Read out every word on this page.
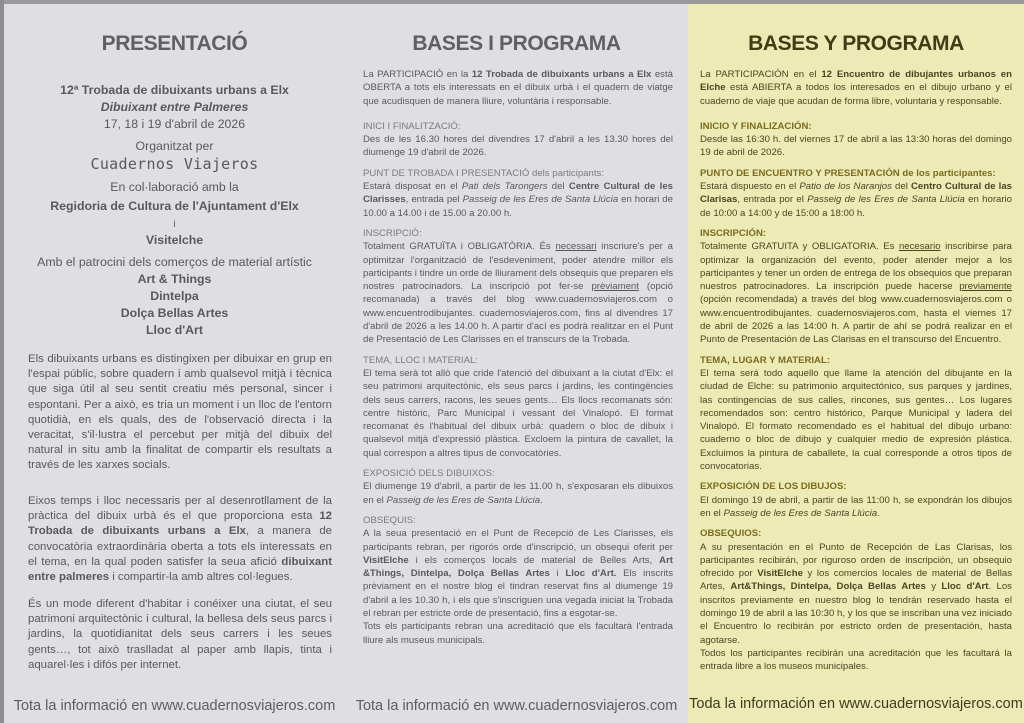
PRESENTACIÓ
12ª Trobada de dibuixants urbans a Elx
Dibuixant entre Palmeres
17, 18 i 19 d'abril de 2026
Organitzat per

Cuadernos Viajeros
En col·laboració amb la

Regidoria de Cultura de l'Ajuntament d'Elx
i
Visitelche
Amb el patrocini dels comerços de material artístic
Art & Things
Dintelpa
Dolça Bellas Artes
Lloc d'Art

Els dibuixants urbans es distingixen per dibuixar en grup en l'espai públic, sobre quadern i amb qualsevol mitjà i tècnica que siga útil al seu sentit creatiu més personal, sincer i espontani. Per a això, es tria un moment i un lloc de l'entorn quotidià, en els quals, des de l'observació directa i la veracitat, s'il·lustra el percebut per mitjà del dibuix del natural in situ amb la finalitat de compartir els resultats a través de les xarxes socials.

Eixos temps i lloc necessaris per al desenrotllament de la pràctica del dibuix urbà és el que proporciona esta 12 Trobada de dibuixants urbans a Elx, a manera de convocatòria extraordinària oberta a tots els interessats en el tema, en la qual poden satisfer la seua afició dibuixant entre palmeres i compartir-la amb altres col·legues.

És un mode diferent d'habitar i conéixer una ciutat, el seu patrimoni arquitectònic i cultural, la bellesa dels seus parcs i jardins, la quotidianitat dels seus carrers i les seues gents…, tot això traslladat al paper amb llapis, tinta i aquarel·les i difós per internet.

Tota la informació en www.cuadernosviajeros.com
BASES I PROGRAMA

La PARTICIPACIÓ en la 12 Trobada de dibuixants urbans a Elx està OBERTA a tots els interessats en el dibuix urbà i el quadern de viatge que acudisquen de manera lliure, voluntària i responsable.

INICI I FINALITZACIÓ:

Des de les 16.30 hores del divendres 17 d'abril a les 13.30 hores del diumenge 19 d'abril de 2026.

PUNT DE TROBADA I PRESENTACIÓ dels participants:

Estarà disposat en el Pati dels Tarongers del Centre Cultural de les Clarisses, entrada pel Passeig de les Eres de Santa Llúcia en horari de 10.00 a 14.00 i de 15.00 a 20.00 h.

INSCRIPCIÓ:

Totalment GRATUÏTA i OBLIGATÒRIA. És necessari inscriure's per a optimitzar l'organització de l'esdeveniment, poder atendre millor els participants i tindre un orde de lliurament dels obsequis que preparen els nostres patrocinadors. La inscripció pot fer-se prèviament (opció recomanada) a través del blog www.cuadernosviajeros.com o www.encuentrodibujantes. cuadernosviajeros.com, fins al divendres 17 d'abril de 2026 a les 14.00 h. A partir d'ací es podrà realitzar en el Punt de Presentació de Les Clarisses en el transcurs de la Trobada.

TEMA, LLOC I MATERIAL:

El tema serà tot allò que cride l'atenció del dibuixant a la ciutat d'Elx: el seu patrimoni arquitectònic, els seus parcs i jardins, les contingències dels seus carrers, racons, les seues gents… Els llocs recomanats són: centre històric, Parc Municipal i vessant del Vinalopó. El format recomanat és l'habitual del dibuix urbà: quadern o bloc de dibuix i qualsevol mitjà d'expressió plàstica. Excloem la pintura de cavallet, la qual correspon a altres tipus de convocatòries.

EXPOSICIÓ DELS DIBUIXOS:

El diumenge 19 d'abril, a partir de les 11.00 h, s'exposaran els dibuixos en el Passeig de les Eres de Santa Llúcia.

OBSEQUIS:

A la seua presentació en el Punt de Recepció de Les Clarisses, els participants rebran, per rigorós orde d'inscripció, un obsequi oferit per VisitElche i els comerços locals de material de Belles Arts, Art &Things, Dintelpa, Dolça Bellas Artes i Lloc d'Art. Els inscrits prèviament en el nostre blog el tindran reservat fins al diumenge 19 d'abril a les 10.30 h, i els que s'inscriguen una vegada iniciat la Trobada el rebran per estricte orde de presentació, fins a esgotar-se.

Tots els participants rebran una acreditació que els facultarà l'entrada lliure als museus municipals.

Tota la informació en www.cuadernosviajeros.com
BASES Y PROGRAMA

La PARTICIPACIÓN en el 12 Encuentro de dibujantes urbanos en Elche está ABIERTA a todos los interesados en el dibujo urbano y el cuaderno de viaje que acudan de forma libre, voluntaria y responsable.

INICIO Y FINALIZACIÓN:

Desde las 16:30 h. del viernes 17 de abril a las 13:30 horas del domingo 19 de abril de 2026.

PUNTO DE ENCUENTRO Y PRESENTACIÓN de los participantes:

Estará dispuesto en el Patio de los Naranjos del Centro Cultural de las Clarisas, entrada por el Passeig de les Eres de Santa Llúcia en horario de 10:00 a 14:00 y de 15:00 a 18:00 h.

INSCRIPCIÓN:

Totalmente GRATUITA y OBLIGATORIA. Es necesario inscribirse para optimizar la organización del evento, poder atender mejor a los participantes y tener un orden de entrega de los obsequios que preparan nuestros patrocinadores. La inscripción puede hacerse previamente (opción recomendada) a través del blog www.cuadernosviajeros.com o www.encuentrodibujantes. cuadernosviajeros.com, hasta el viernes 17 de abril de 2026 a las 14:00 h. A partir de ahí se podrá realizar en el Punto de Presentación de Las Clarisas en el transcurso del Encuentro.

TEMA, LUGAR Y MATERIAL:

El tema será todo aquello que llame la atención del dibujante en la ciudad de Elche: su patrimonio arquitectónico, sus parques y jardines, las contingencias de sus calles, rincones, sus gentes… Los lugares recomendados son: centro histórico, Parque Municipal y ladera del Vinalopó. El formato recomendado es el habitual del dibujo urbano: cuaderno o bloc de dibujo y cualquier medio de expresión plástica. Excluimos la pintura de caballete, la cual corresponde a otros tipos de convocatorias.

EXPOSICIÓN DE LOS DIBUJOS:

El domingo 19 de abril, a partir de las 11:00 h, se expondrán los dibujos en el Passeig de les Eres de Santa Llúcia.

OBSEQUIOS:

A su presentación en el Punto de Recepción de Las Clarisas, los participantes recibirán, por riguroso orden de inscripción, un obsequio ofrecido por VisitElche y los comercios locales de material de Bellas Artes, Art&Things, Dintelpa, Dolça Bellas Artes y Lloc d'Art. Los inscritos previamente en nuestro blog lo tendrán reservado hasta el domingo 19 de abril a las 10:30 h, y los que se inscriban una vez iniciado el Encuentro lo recibirán por estricto orden de presentación, hasta agotarse.

Todos los participantes recibirán una acreditación que les facultará la entrada libre a los museos municipales.

Toda la información en www.cuadernosviajeros.com
